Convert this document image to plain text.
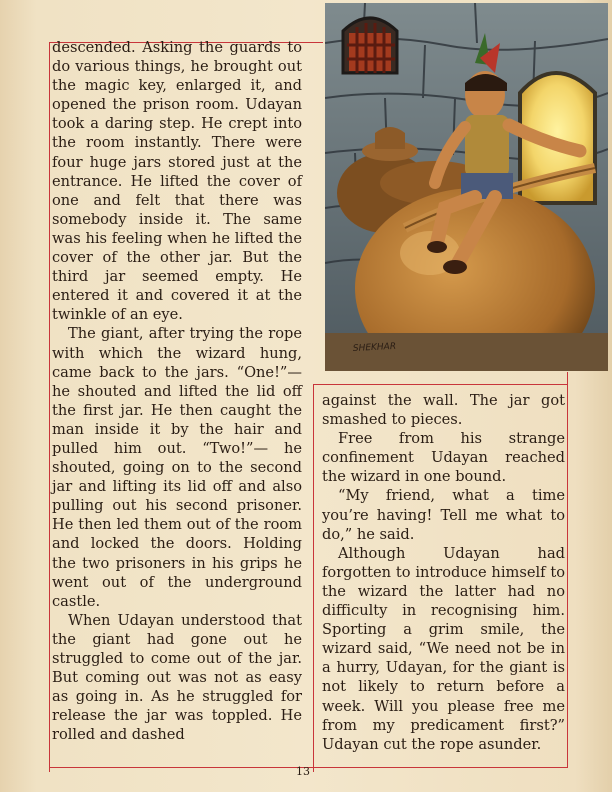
SHEKHAR

descended. Asking the guards to do various things, he brought out the magic key, enlarged it, and opened the prison room. Udayan took a daring step. He crept into the room instantly. There were four huge jars stored just at the entrance. He lifted the cover of one and felt that there was somebody inside it. The same was his feeling when he lifted the cover of the other jar. But the third jar seemed empty. He entered it and covered it at the twinkle of an eye.

The giant, after trying the rope with which the wizard hung, came back to the jars. “One!”— he shouted and lifted the lid off the first jar. He then caught the man inside it by the hair and pulled him out. “Two!”— he shouted, going on to the second jar and lifting its lid off and also pulling out his second prisoner. He then led them out of the room and locked the doors. Holding the two prisoners in his grips he went out of the underground castle.

When Udayan understood that the giant had gone out he struggled to come out of the jar. But coming out was not as easy as going in. As he struggled for release the jar was toppled. He rolled and dashed

against the wall. The jar got smashed to pieces.

Free from his strange confinement Udayan reached the wizard in one bound.

“My friend, what a time you’re having! Tell me what to do,” he said.

Although Udayan had forgotten to introduce himself to the wizard the latter had no difficulty in recognising him. Sporting a grim smile, the wizard said, “We need not be in a hurry, Udayan, for the giant is not likely to return before a week. Will you please free me from my predicament first?” Udayan cut the rope asunder.

13
